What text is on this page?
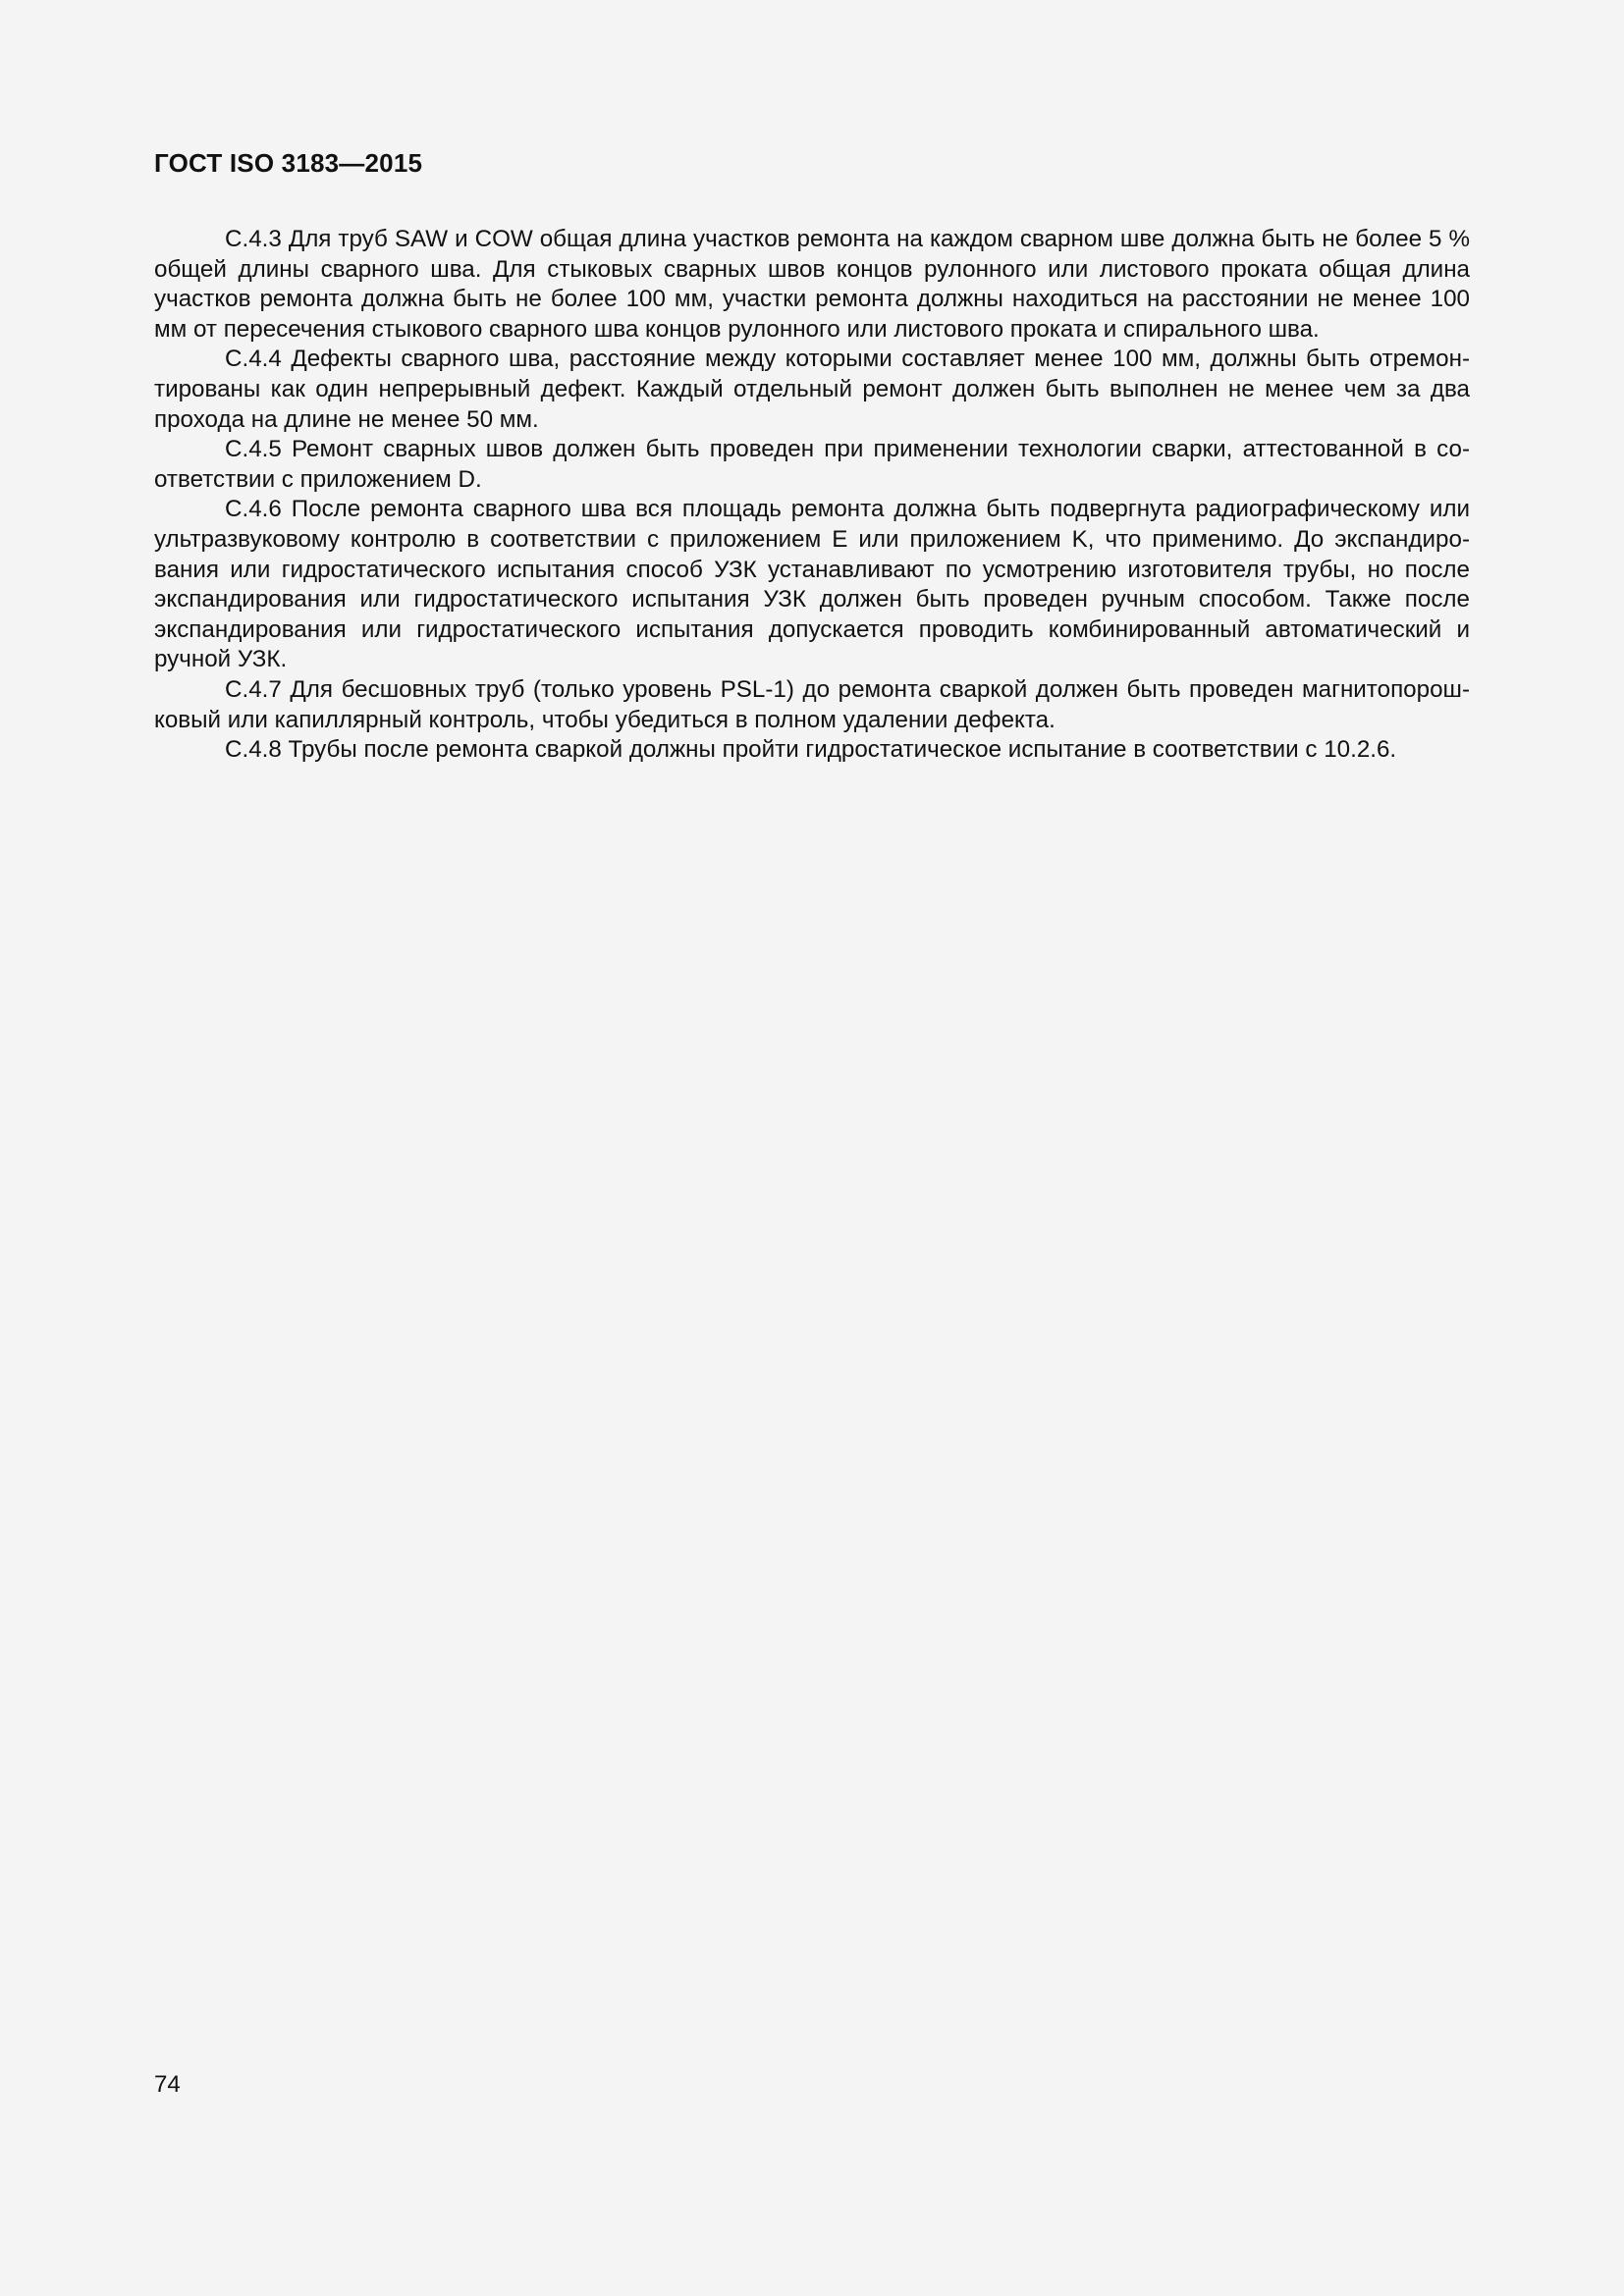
ГОСТ ISO 3183—2015

С.4.3 Для труб SAW и COW общая длина участков ремонта на каждом сварном шве должна быть не более 5 % общей длины сварного шва. Для стыковых сварных швов концов рулонного или листового проката общая длина участков ремонта должна быть не более 100 мм, участки ремонта должны находиться на расстоянии не менее 100 мм от пересечения стыкового сварного шва концов рулонного или листового проката и спирального шва.

С.4.4 Дефекты сварного шва, расстояние между которыми составляет менее 100 мм, должны быть отремонтированы как один непрерывный дефект. Каждый отдельный ремонт должен быть выполнен не менее чем за два прохода на длине не менее 50 мм.

С.4.5 Ремонт сварных швов должен быть проведен при применении технологии сварки, аттестованной в соответствии с приложением D.

С.4.6 После ремонта сварного шва вся площадь ремонта должна быть подвергнута радиографическому или ультразвуковому контролю в соответствии с приложением E или приложением K, что применимо. До экспандирования или гидростатического испытания способ УЗК устанавливают по усмотрению изготовителя трубы, но после экспандирования или гидростатического испытания УЗК должен быть проведен ручным способом. Также после экспандирования или гидростатического испытания допускается проводить комбинированный автоматический и ручной УЗК.

С.4.7 Для бесшовных труб (только уровень PSL-1) до ремонта сваркой должен быть проведен магнитопорошковый или капиллярный контроль, чтобы убедиться в полном удалении дефекта.

С.4.8 Трубы после ремонта сваркой должны пройти гидростатическое испытание в соответствии с 10.2.6.

74
